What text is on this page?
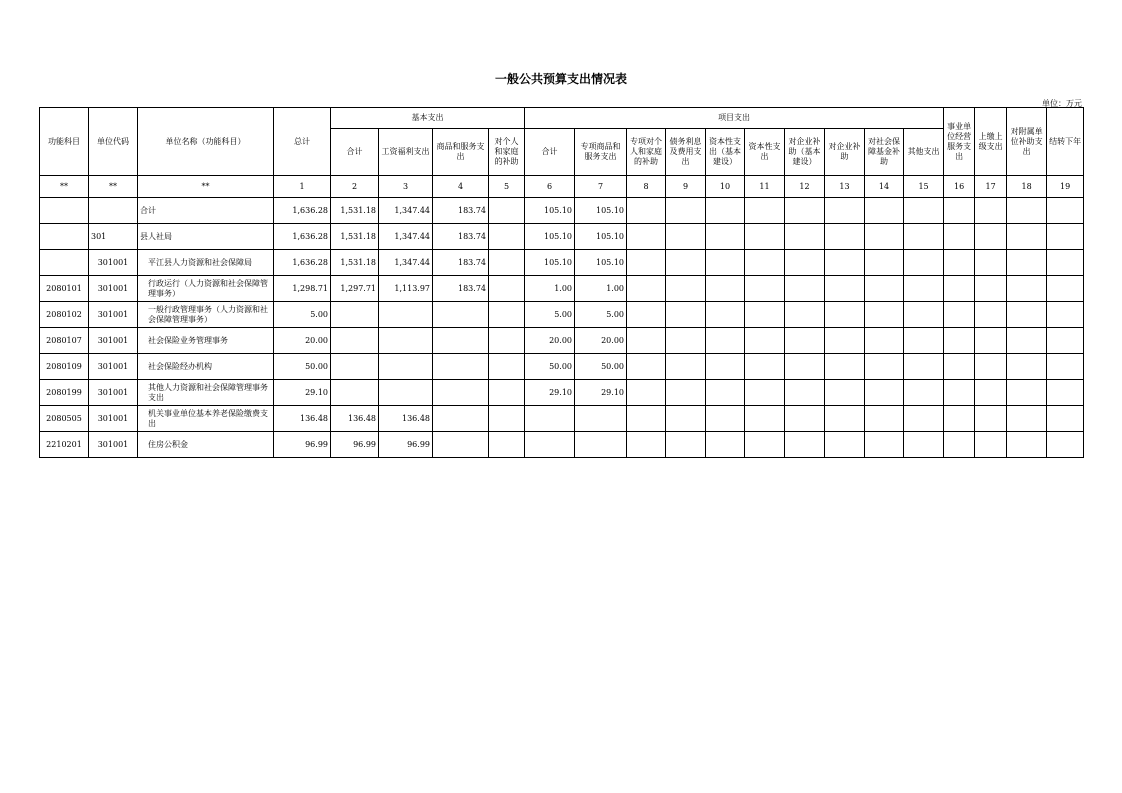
一般公共预算支出情况表
单位：万元
功能科目	单位代码	单位名称（功能科目）	总计	基本支出				项目支出										事业单位经营服务支出	上缴上级支出	对附属单位补助支出	结转下年
				合计	工资福利支出	商品和服务支出	对个人和家庭的补助	合计	专项商品和服务支出	专项对个人和家庭的补助	债务利息及费用支出	资本性支出（基本建设）	资本性支出	对企业补助（基本建设）	对企业补助	对社会保障基金补助	其他支出				
**	**	**	1	2	3	4	5	6	7	8	9	10	11	12	13	14	15	16	17	18	19
		合计	1,636.28	1,531.18	1,347.44	183.74		105.10	105.10												
	301	县人社局	1,636.28	1,531.18	1,347.44	183.74		105.10	105.10												
	301001	平江县人力资源和社会保障局	1,636.28	1,531.18	1,347.44	183.74		105.10	105.10												
2080101	301001	行政运行（人力资源和社会保障管理事务）	1,298.71	1,297.71	1,113.97	183.74		1.00	1.00												
2080102	301001	一般行政管理事务（人力资源和社会保障管理事务）	5.00					5.00	5.00												
2080107	301001	社会保险业务管理事务	20.00					20.00	20.00												
2080109	301001	社会保险经办机构	50.00					50.00	50.00												
2080199	301001	其他人力资源和社会保障管理事务支出	29.10					29.10	29.10												
2080505	301001	机关事业单位基本养老保险缴费支出	136.48	136.48	136.48																
2210201	301001	住房公积金	96.99	96.99	96.99																
